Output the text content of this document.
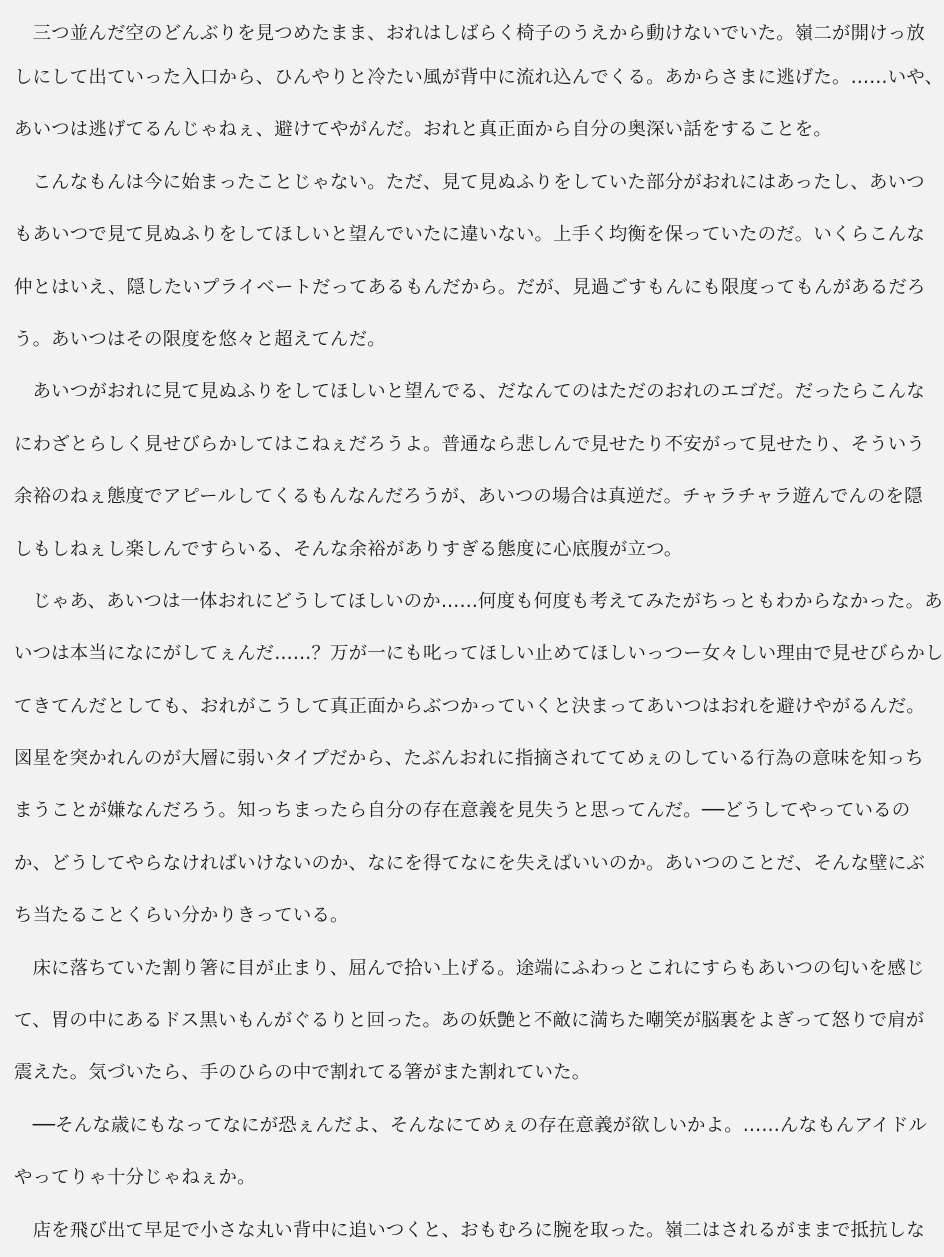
　三つ並んだ空のどんぶりを見つめたまま、おれはしばらく椅子のうえから動けないでいた。嶺二が開けっ放
しにして出ていった入口から、ひんやりと冷たい風が背中に流れ込んでくる。あからさまに逃げた。……いや、
あいつは逃げてるんじゃねぇ、避けてやがんだ。おれと真正面から自分の奥深い話をすることを。
　こんなもんは今に始まったことじゃない。ただ、見て見ぬふりをしていた部分がおれにはあったし、あいつ
もあいつで見て見ぬふりをしてほしいと望んでいたに違いない。上手く均衡を保っていたのだ。いくらこんな
仲とはいえ、隠したいプライベートだってあるもんだから。だが、見過ごすもんにも限度ってもんがあるだろ
う。あいつはその限度を悠々と超えてんだ。
　あいつがおれに見て見ぬふりをしてほしいと望んでる、だなんてのはただのおれのエゴだ。だったらこんな
にわざとらしく見せびらかしてはこねぇだろうよ。普通なら悲しんで見せたり不安がって見せたり、そういう
余裕のねぇ態度でアピールしてくるもんなんだろうが、あいつの場合は真逆だ。チャラチャラ遊んでんのを隠
しもしねぇし楽しんですらいる、そんな余裕がありすぎる態度に心底腹が立つ。
　じゃあ、あいつは一体おれにどうしてほしいのか……何度も何度も考えてみたがちっともわからなかった。あ
いつは本当になにがしてぇんだ……？万が一にも叱ってほしい止めてほしいっつー女々しい理由で見せびらかし
てきてんだとしても、おれがこうして真正面からぶつかっていくと決まってあいつはおれを避けやがるんだ。
図星を突かれんのが大層に弱いタイプだから、たぶんおれに指摘されててめぇのしている行為の意味を知っち
まうことが嫌なんだろう。知っちまったら自分の存在意義を見失うと思ってんだ。──どうしてやっているの
か、どうしてやらなければいけないのか、なにを得てなにを失えばいいのか。あいつのことだ、そんな壁にぶ
ち当たることくらい分かりきっている。
　床に落ちていた割り箸に目が止まり、屈んで拾い上げる。途端にふわっとこれにすらもあいつの匂いを感じ
て、胃の中にあるドス黒いもんがぐるりと回った。あの妖艶と不敵に満ちた嘲笑が脳裏をよぎって怒りで肩が
震えた。気づいたら、手のひらの中で割れてる箸がまた割れていた。
　──そんな歳にもなってなにが恐ぇんだよ、そんなにてめぇの存在意義が欲しいかよ。……んなもんアイドル
やってりゃ十分じゃねぇか。
　店を飛び出て早足で小さな丸い背中に追いつくと、おもむろに腕を取った。嶺二はされるがままで抵抗しな
